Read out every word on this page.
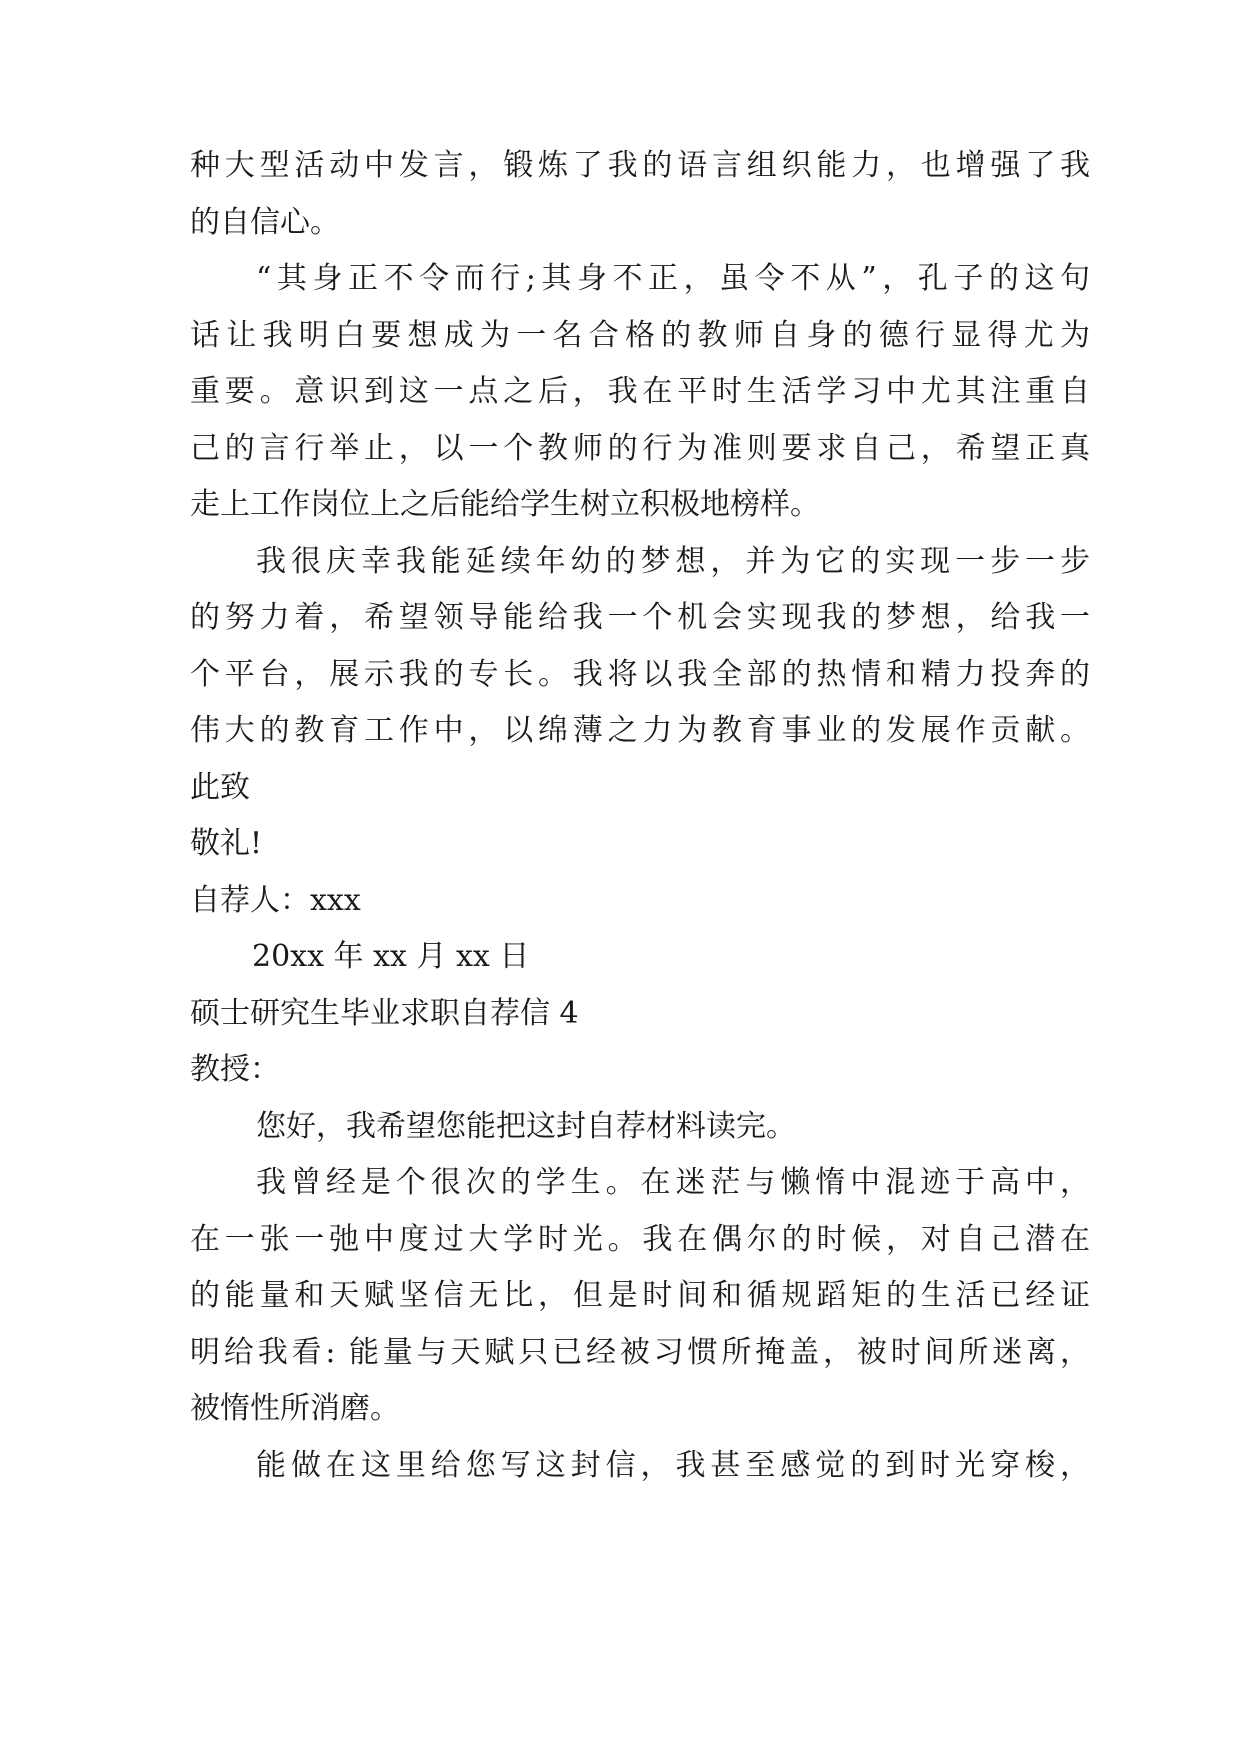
种大型活动中发言，锻炼了我的语言组织能力，也增强了我
的自信心。
“其身正不令而行;其身不正，虽令不从”，孔子的这句
话让我明白要想成为一名合格的教师自身的德行显得尤为
重要。意识到这一点之后，我在平时生活学习中尤其注重自
己的言行举止，以一个教师的行为准则要求自己，希望正真
走上工作岗位上之后能给学生树立积极地榜样。
我很庆幸我能延续年幼的梦想，并为它的实现一步一步
的努力着，希望领导能给我一个机会实现我的梦想，给我一
个平台，展示我的专长。我将以我全部的热情和精力投奔的
伟大的教育工作中，以绵薄之力为教育事业的发展作贡献。
此致
敬礼!
自荐人：xxx
20xx 年 xx 月 xx 日
硕士研究生毕业求职自荐信 4
教授：
您好，我希望您能把这封自荐材料读完。
我曾经是个很次的学生。在迷茫与懒惰中混迹于高中，
在一张一弛中度过大学时光。我在偶尔的时候，对自己潜在
的能量和天赋坚信无比，但是时间和循规蹈矩的生活已经证
明给我看: 能量与天赋只已经被习惯所掩盖，被时间所迷离，
被惰性所消磨。
能做在这里给您写这封信，我甚至感觉的到时光穿梭，
